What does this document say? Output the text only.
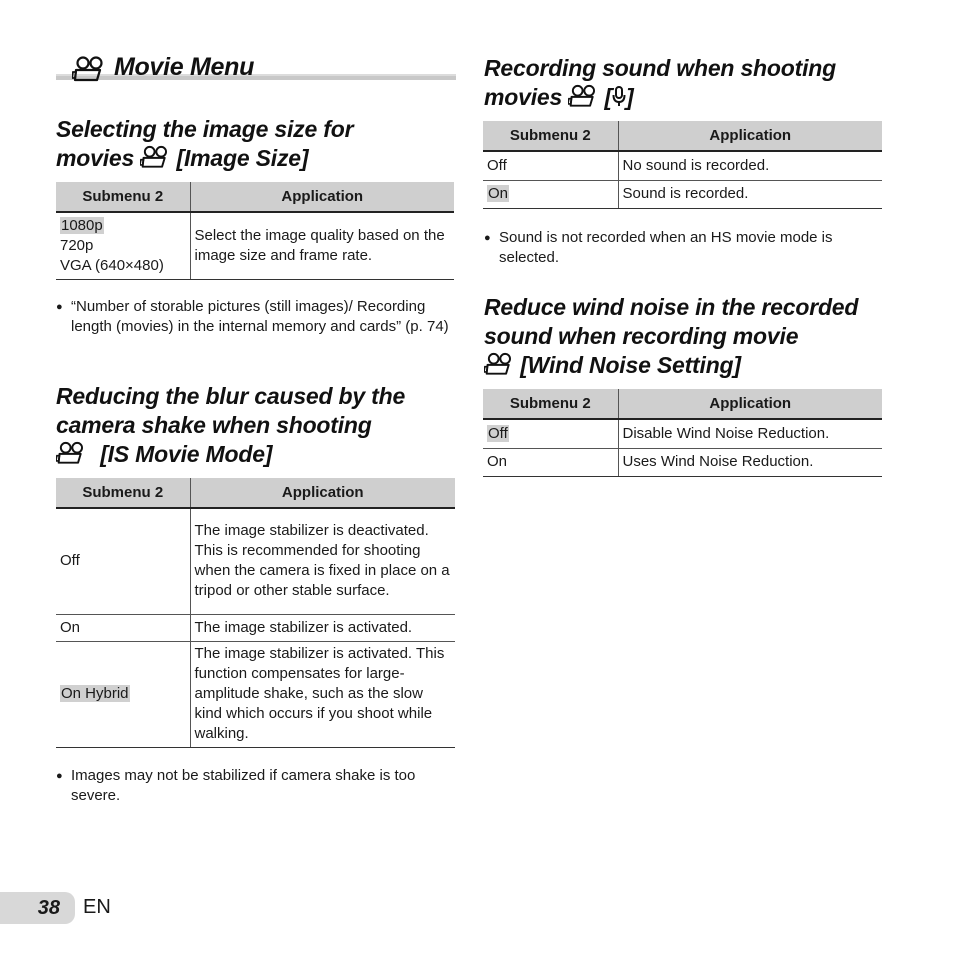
Movie Menu
Selecting the image size for
movies [Image Size]
Submenu 2	Application
1080p
720p
VGA (640×480)	Select the image quality based on the image size and frame rate.
● “Number of storable pictures (still images)/ Recording length (movies) in the internal memory and cards” (p. 74)
Reducing the blur caused by the
camera shake when shooting
[IS Movie Mode]
Submenu 2	Application
Off	The image stabilizer is deactivated. This is recommended for shooting when the camera is fixed in place on a tripod or other stable surface.
On	The image stabilizer is activated.
On Hybrid	The image stabilizer is activated. This function compensates for large-amplitude shake, such as the slow kind which occurs if you shoot while walking.
● Images may not be stabilized if camera shake is too severe.
Recording sound when shooting
movies [ ]
Submenu 2	Application
Off	No sound is recorded.
On	Sound is recorded.
● Sound is not recorded when an HS movie mode is selected.
Reduce wind noise in the recorded
sound when recording movie
[Wind Noise Setting]
Submenu 2	Application
Off	Disable Wind Noise Reduction.
On	Uses Wind Noise Reduction.
38 EN
